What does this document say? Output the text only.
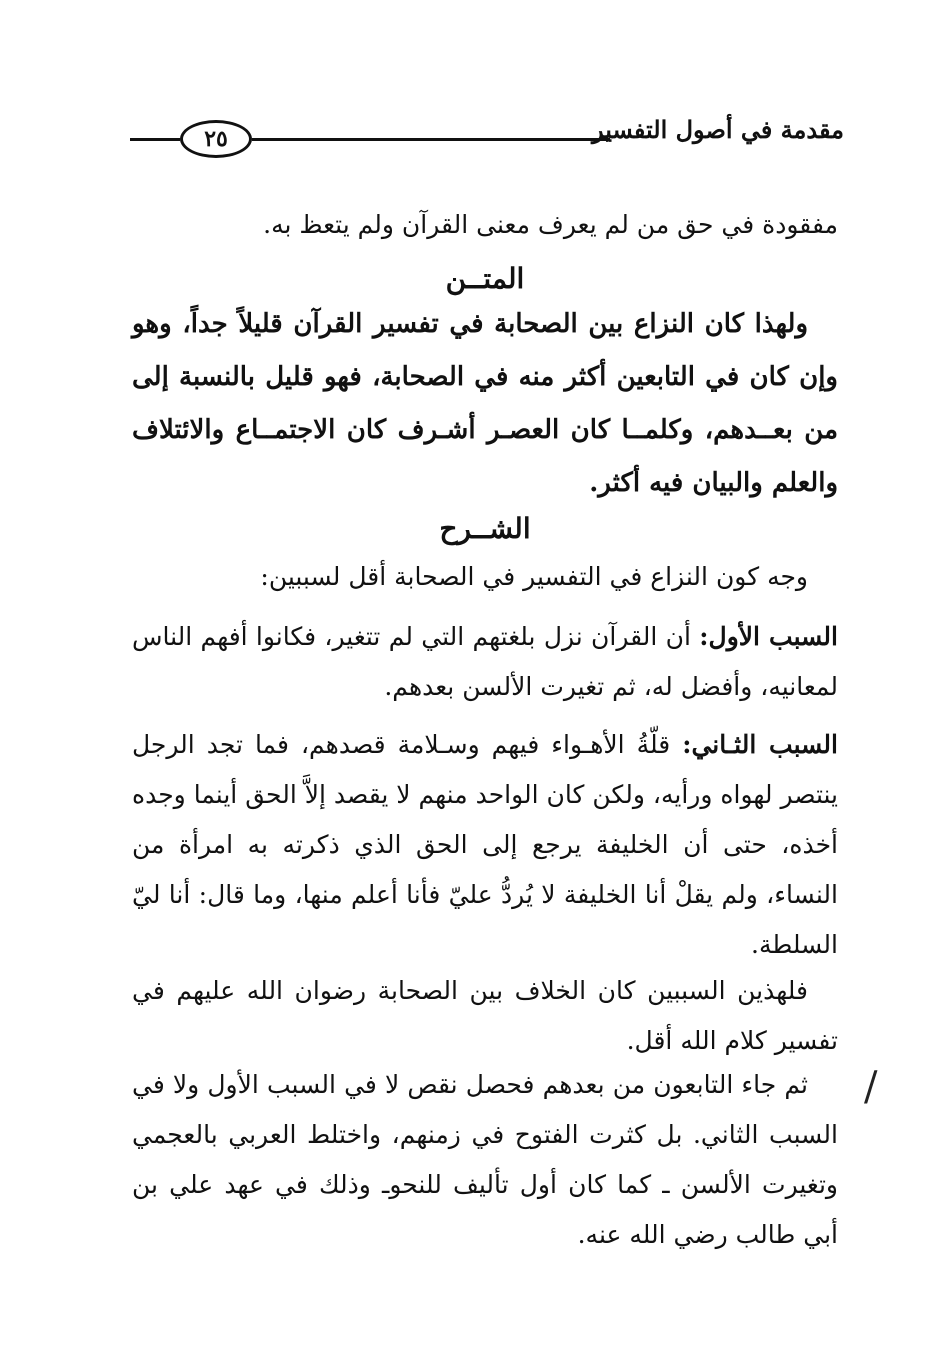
مقدمة في أصول التفسير
٢٥

مفقودة في حق من لم يعرف معنى القرآن ولم يتعظ به.

المتــن

ولهذا كان النزاع بين الصحابة في تفسير القرآن قليلاً جداً، وهو وإن كان في التابعين أكثر منه في الصحابة، فهو قليل بالنسبة إلى من بعــدهم، وكلمــا كان العصـر أشـرف كان الاجتمــاع والائتلاف والعلم والبيان فيه أكثر.

الشــرح

وجه كون النزاع في التفسير في الصحابة أقل لسببين:

السبب الأول: أن القرآن نزل بلغتهم التي لم تتغير، فكانوا أفهم الناس لمعانيه، وأفضل له، ثم تغيرت الألسن بعدهم.

السبب الثـاني: قلّةُ الأهـواء فيهم وسـلامة قصدهم، فما تجد الرجل ينتصر لهواه ورأيه، ولكن كان الواحد منهم لا يقصد إلاَّ الحق أينما وجده أخذه، حتى أن الخليفة يرجع إلى الحق الذي ذكرته به امرأة من النساء، ولم يقلْ أنا الخليفة لا يُردُّ عليّ فأنا أعلم منها، وما قال: أنا ليّ السلطة.

فلهذين السببين كان الخلاف بين الصحابة رضوان الله عليهم في تفسير كلام الله أقل.

ثم جاء التابعون من بعدهم فحصل نقص لا في السبب الأول ولا في السبب الثاني. بل كثرت الفتوح في زمنهم، واختلط العربي بالعجمي وتغيرت الألسن ـ كما كان أول تأليف للنحوـ وذلك في عهد علي بن أبي طالب رضي الله عنه.

/
